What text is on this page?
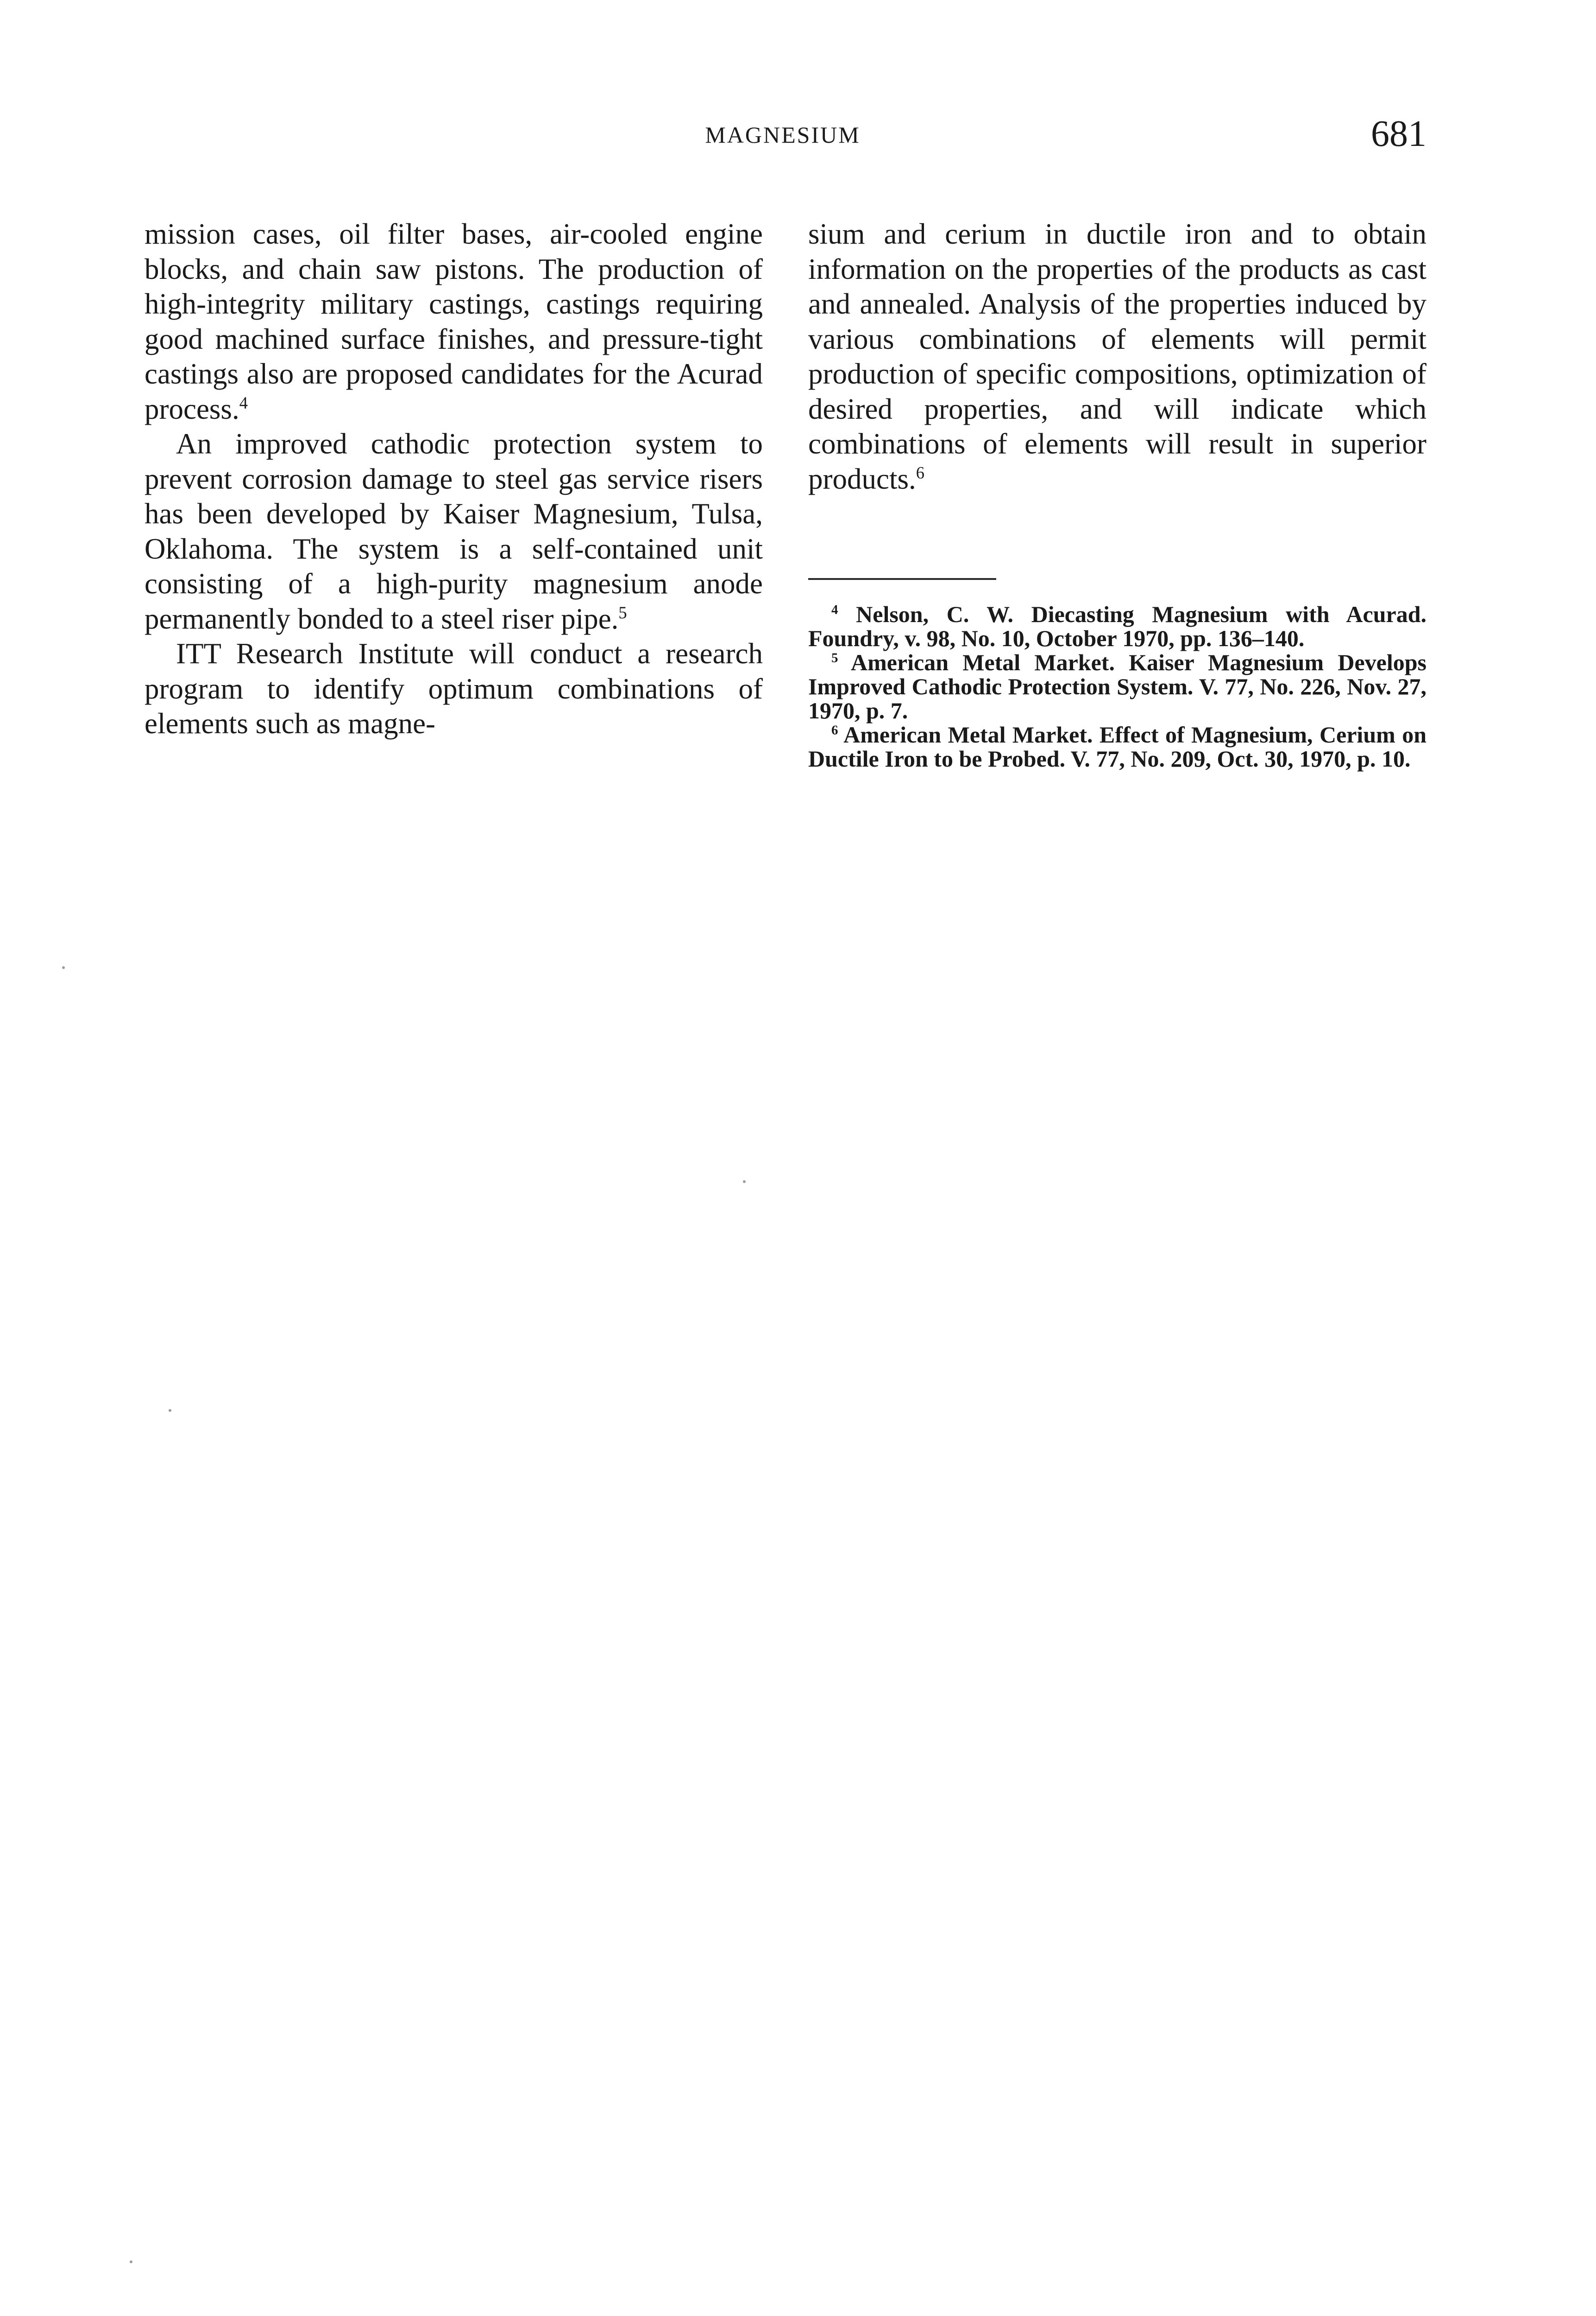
MAGNESIUM	681

mission cases, oil filter bases, air-cooled engine blocks, and chain saw pistons. The production of high-integrity military castings, castings requiring good machined surface finishes, and pressure-tight castings also are proposed candidates for the Acurad process.$^4$

An improved cathodic protection system to prevent corrosion damage to steel gas service risers has been developed by Kaiser Magnesium, Tulsa, Oklahoma. The system is a self-contained unit consisting of a high-purity magnesium anode permanently bonded to a steel riser pipe.$^5$

ITT Research Institute will conduct a research program to identify optimum combinations of elements such as magne-

sium and cerium in ductile iron and to obtain information on the properties of the products as cast and annealed. Analysis of the properties induced by various combinations of elements will permit production of specific compositions, optimization of desired properties, and will indicate which combinations of elements will result in superior products.$^6$

$^4$ Nelson, C. W. Diecasting Magnesium with Acurad. Foundry, v. 98, No. 10, October 1970, pp. 136–140.

$^5$ American Metal Market. Kaiser Magnesium Develops Improved Cathodic Protection System. V. 77, No. 226, Nov. 27, 1970, p. 7.

$^6$ American Metal Market. Effect of Magnesium, Cerium on Ductile Iron to be Probed. V. 77, No. 209, Oct. 30, 1970, p. 10.
